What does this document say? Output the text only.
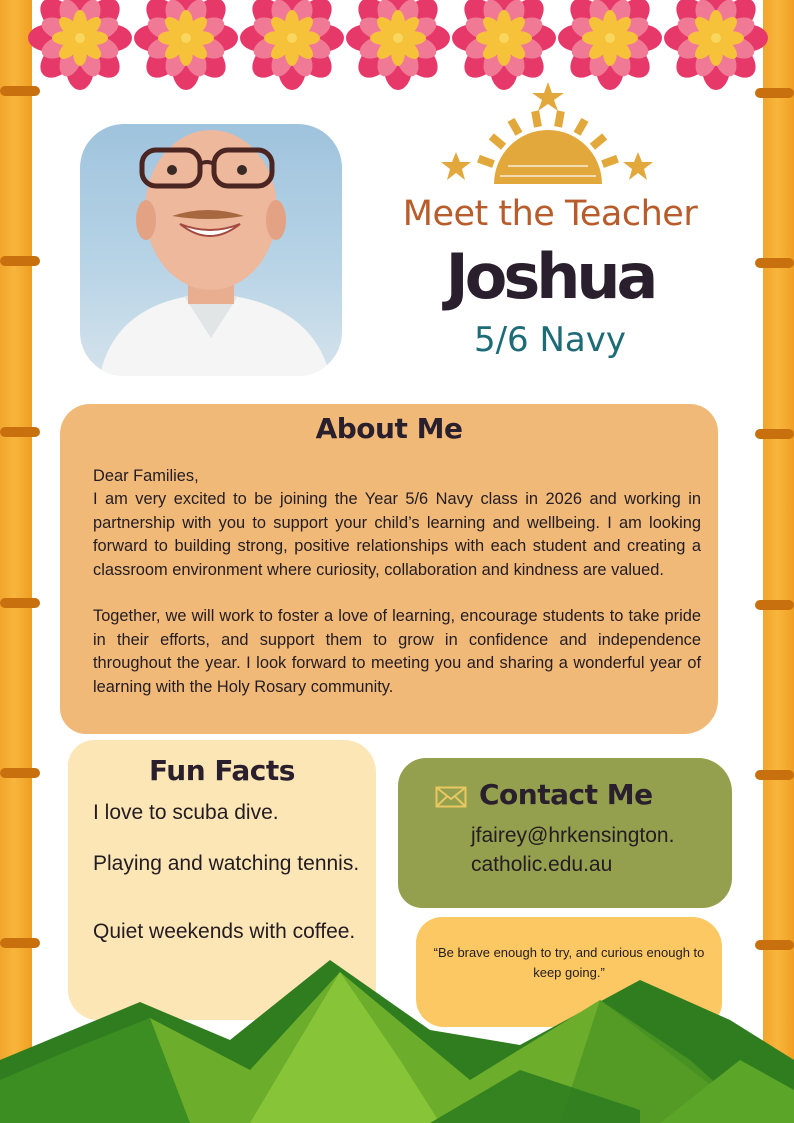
Meet the Teacher
Joshua
5/6 Navy
About Me

Dear Families,

I am very excited to be joining the Year 5/6 Navy class in 2026 and working in partnership with you to support your child’s learning and wellbeing. I am looking forward to building strong, positive relationships with each student and creating a classroom environment where curiosity, collaboration and kindness are valued.

Together, we will work to foster a love of learning, encourage students to take pride in their efforts, and support them to grow in confidence and independence throughout the year. I look forward to meeting you and sharing a wonderful year of learning with the Holy Rosary community.

Fun Facts
I love to scuba dive.
Playing and watching tennis.
Quiet weekends with coffee.
Contact Me
jfairey@hrkensington.
catholic.edu.au
“Be brave enough to try, and curious enough to keep going.”
